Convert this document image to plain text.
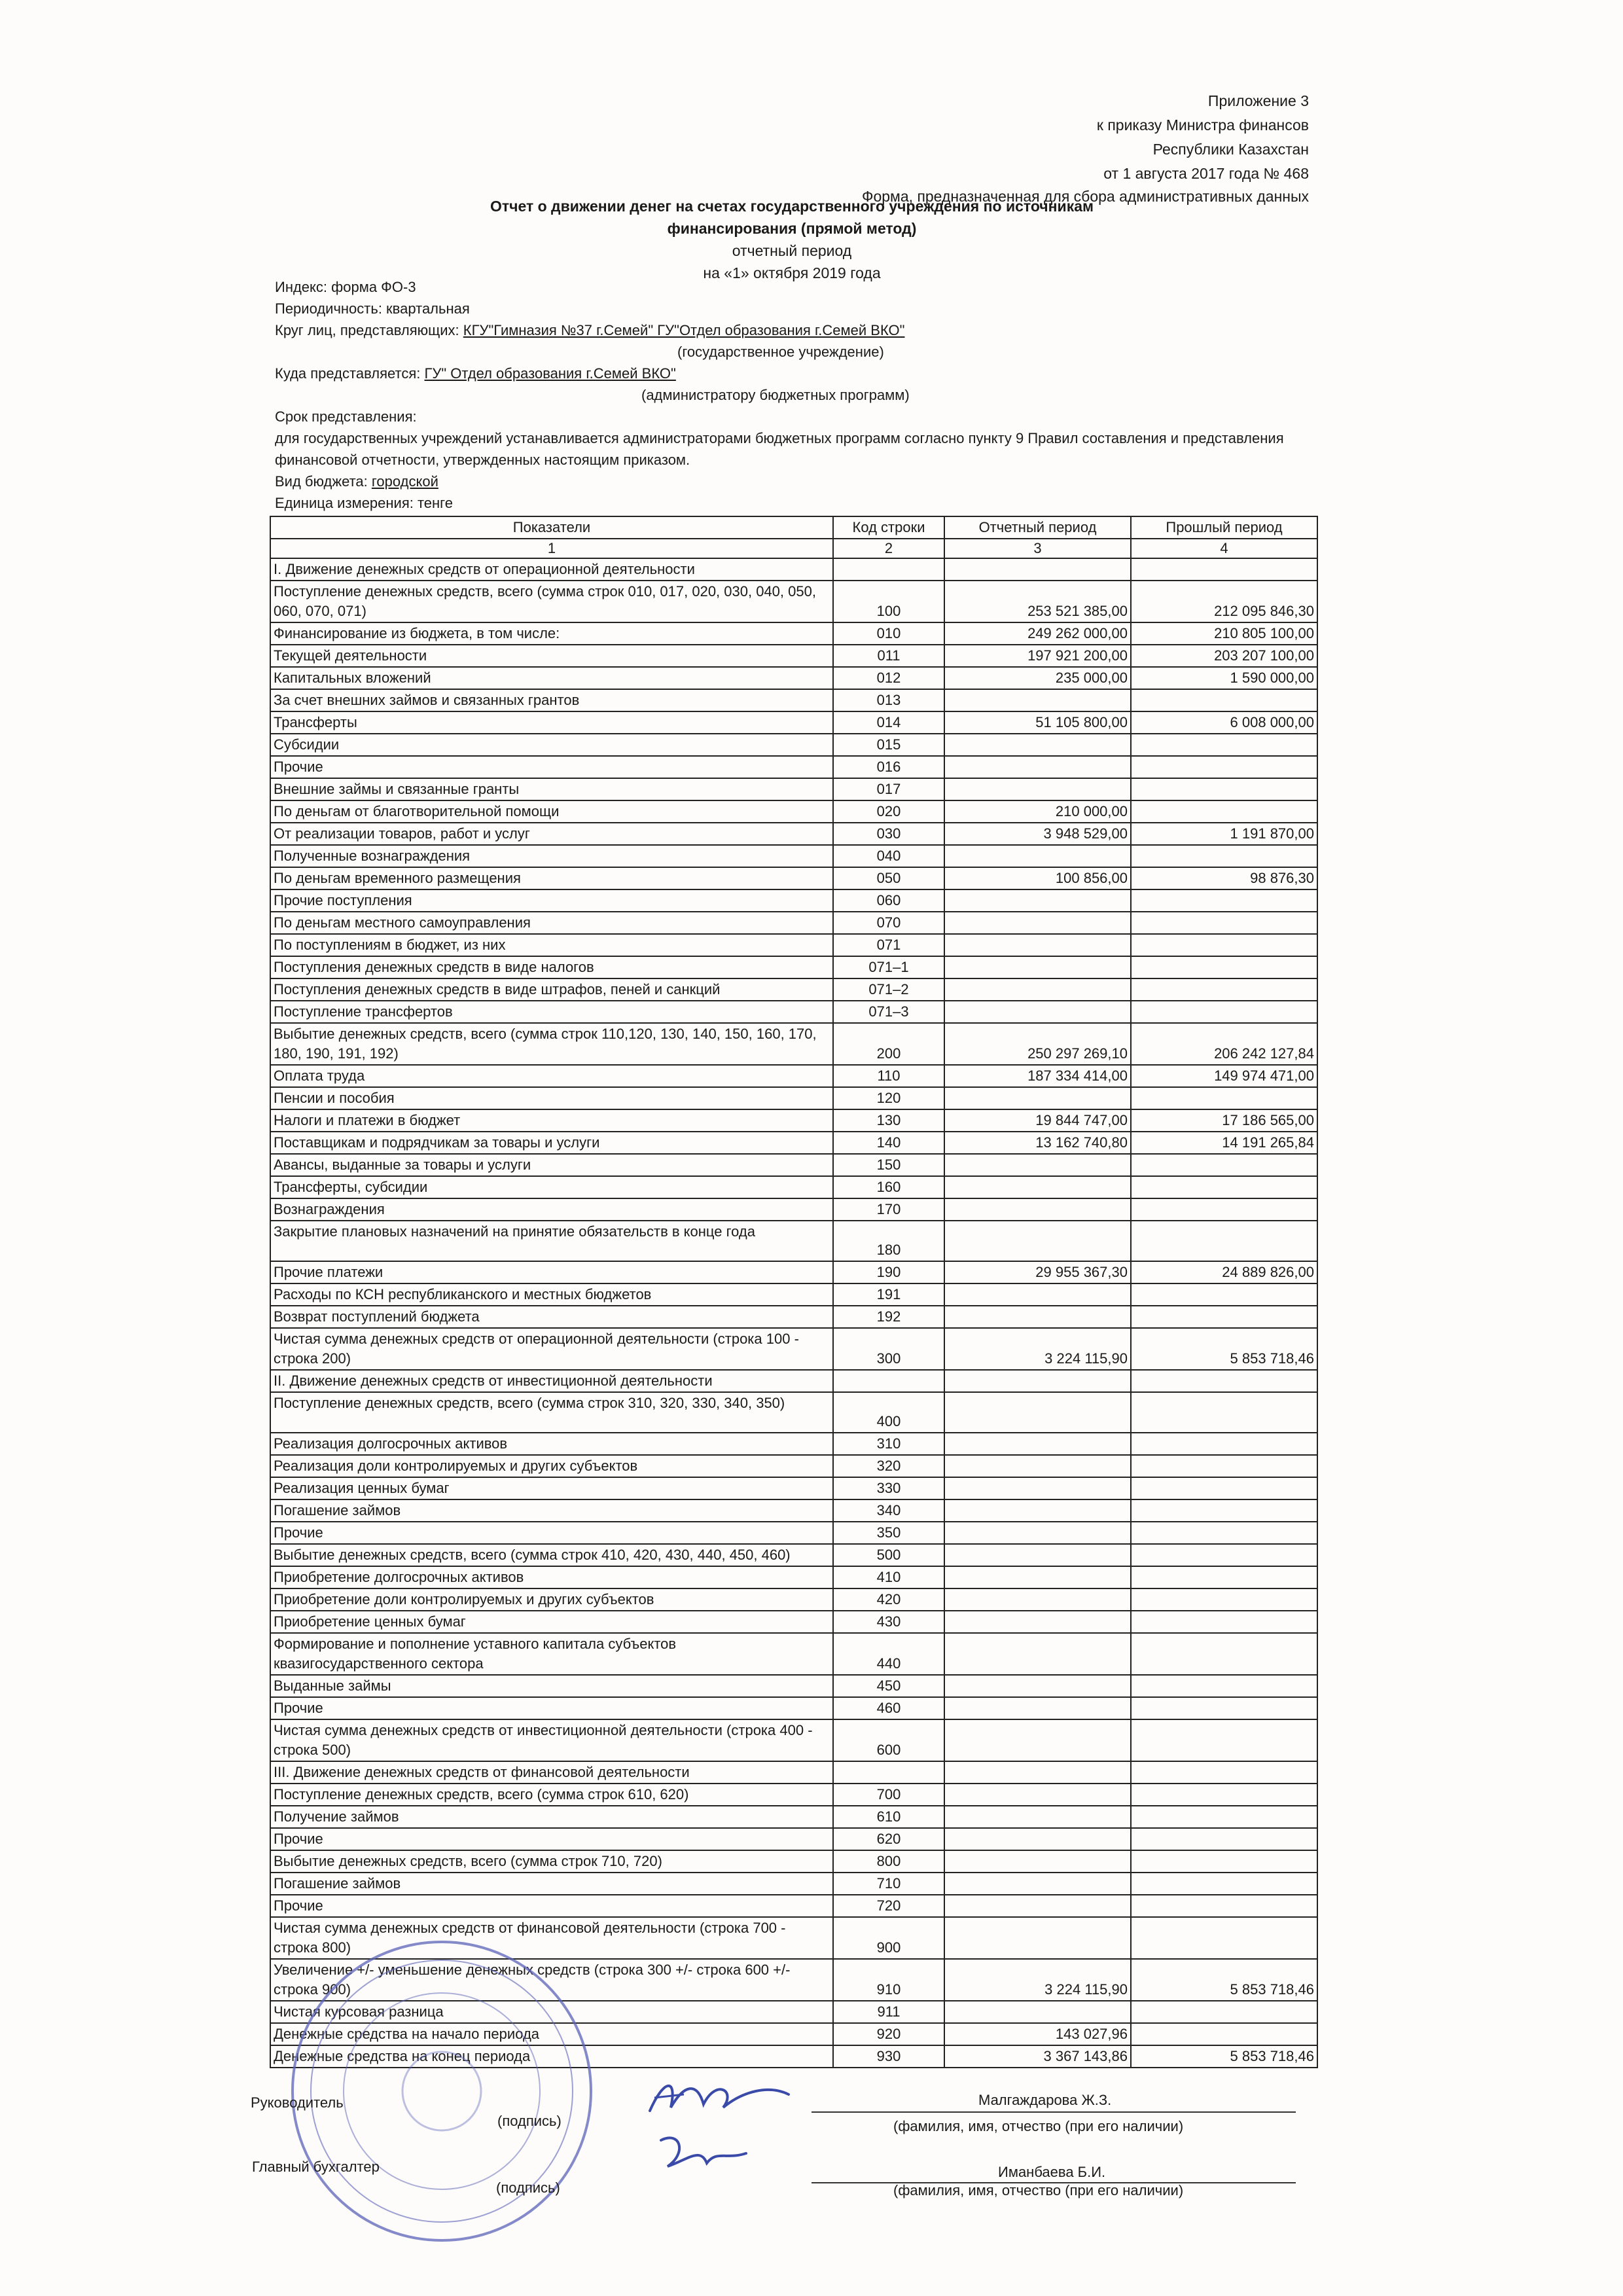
Приложение 3
к приказу Министра финансов
Республики Казахстан
от 1 августа 2017 года № 468
Форма, предназначенная для сбора административных данных
Отчет о движении денег на счетах государственного учреждения по источникам
финансирования (прямой метод)
отчетный период
на «1» октября 2019 года
Индекс: форма ФО-3
Периодичность: квартальная
Круг лиц, представляющих: КГУ"Гимназия №37 г.Семей" ГУ"Отдел образования г.Семей ВКО"
(государственное учреждение)
Куда представляется: ГУ" Отдел образования г.Семей ВКО"
(администратору бюджетных программ)
Срок представления:
для государственных учреждений устанавливается администраторами бюджетных программ согласно пункту 9 Правил составления и представления финансовой отчетности, утвержденных настоящим приказом.
Вид бюджета: городской
Единица измерения: тенге
Показатели	Код строки	Отчетный период	Прошлый период
1	2	3	4
I. Движение денежных средств от операционной деятельности			
Поступление денежных средств, всего (сумма строк 010, 017, 020, 030, 040, 050, 060, 070, 071)	100	253 521 385,00	212 095 846,30
Финансирование из бюджета, в том числе:	010	249 262 000,00	210 805 100,00
Текущей деятельности	011	197 921 200,00	203 207 100,00
Капитальных вложений	012	235 000,00	1 590 000,00
За счет внешних займов и связанных грантов	013		
Трансферты	014	51 105 800,00	6 008 000,00
Субсидии	015		
Прочие	016		
Внешние займы и связанные гранты	017		
По деньгам от благотворительной помощи	020	210 000,00	
От реализации товаров, работ и услуг	030	3 948 529,00	1 191 870,00
Полученные вознаграждения	040		
По деньгам временного размещения	050	100 856,00	98 876,30
Прочие поступления	060		
По деньгам местного самоуправления	070		
По поступлениям в бюджет, из них	071		
Поступления денежных средств в виде налогов	071–1		
Поступления денежных средств в виде штрафов, пеней и санкций	071–2		
Поступление трансфертов	071–3		
Выбытие денежных средств, всего (сумма строк 110,120, 130, 140, 150, 160, 170, 180, 190, 191, 192)	200	250 297 269,10	206 242 127,84
Оплата труда	110	187 334 414,00	149 974 471,00
Пенсии и пособия	120		
Налоги и платежи в бюджет	130	19 844 747,00	17 186 565,00
Поставщикам и подрядчикам за товары и услуги	140	13 162 740,80	14 191 265,84
Авансы, выданные за товары и услуги	150		
Трансферты, субсидии	160		
Вознаграждения	170		
Закрытие плановых назначений на принятие обязательств в конце года	180		
Прочие платежи	190	29 955 367,30	24 889 826,00
Расходы по КСН республиканского и местных бюджетов	191		
Возврат поступлений бюджета	192		
Чистая сумма денежных средств от операционной деятельности (строка 100 - строка 200)	300	3 224 115,90	5 853 718,46
II. Движение денежных средств от инвестиционной деятельности			
Поступление денежных средств, всего (сумма строк 310, 320, 330, 340, 350)	400		
Реализация долгосрочных активов	310		
Реализация доли контролируемых и других субъектов	320		
Реализация ценных бумаг	330		
Погашение займов	340		
Прочие	350		
Выбытие денежных средств, всего (сумма строк 410, 420, 430, 440, 450, 460)	500		
Приобретение долгосрочных активов	410		
Приобретение доли контролируемых и других субъектов	420		
Приобретение ценных бумаг	430		
Формирование и пополнение уставного капитала субъектов квазигосударственного сектора	440		
Выданные займы	450		
Прочие	460		
Чистая сумма денежных средств от инвестиционной деятельности (строка 400 - строка 500)	600		
III. Движение денежных средств от финансовой деятельности			
Поступление денежных средств, всего (сумма строк 610, 620)	700		
Получение займов	610		
Прочие	620		
Выбытие денежных средств, всего (сумма строк 710, 720)	800		
Погашение займов	710		
Прочие	720		
Чистая сумма денежных средств от финансовой деятельности (строка 700 - строка 800)	900		
Увеличение +/- уменьшение денежных средств (строка 300 +/- строка 600 +/- строка 900)	910	3 224 115,90	5 853 718,46
Чистая курсовая разница	911		
Денежные средства на начало периода	920	143 027,96	
Денежные средства на конец периода	930	3 367 143,86	5 853 718,46
Руководитель	Малгаждарова Ж.З.
(подпись)	(фамилия, имя, отчество (при его наличии)
Главный бухгалтер	Иманбаева Б.И.
(подпись)	(фамилия, имя, отчество (при его наличии)
